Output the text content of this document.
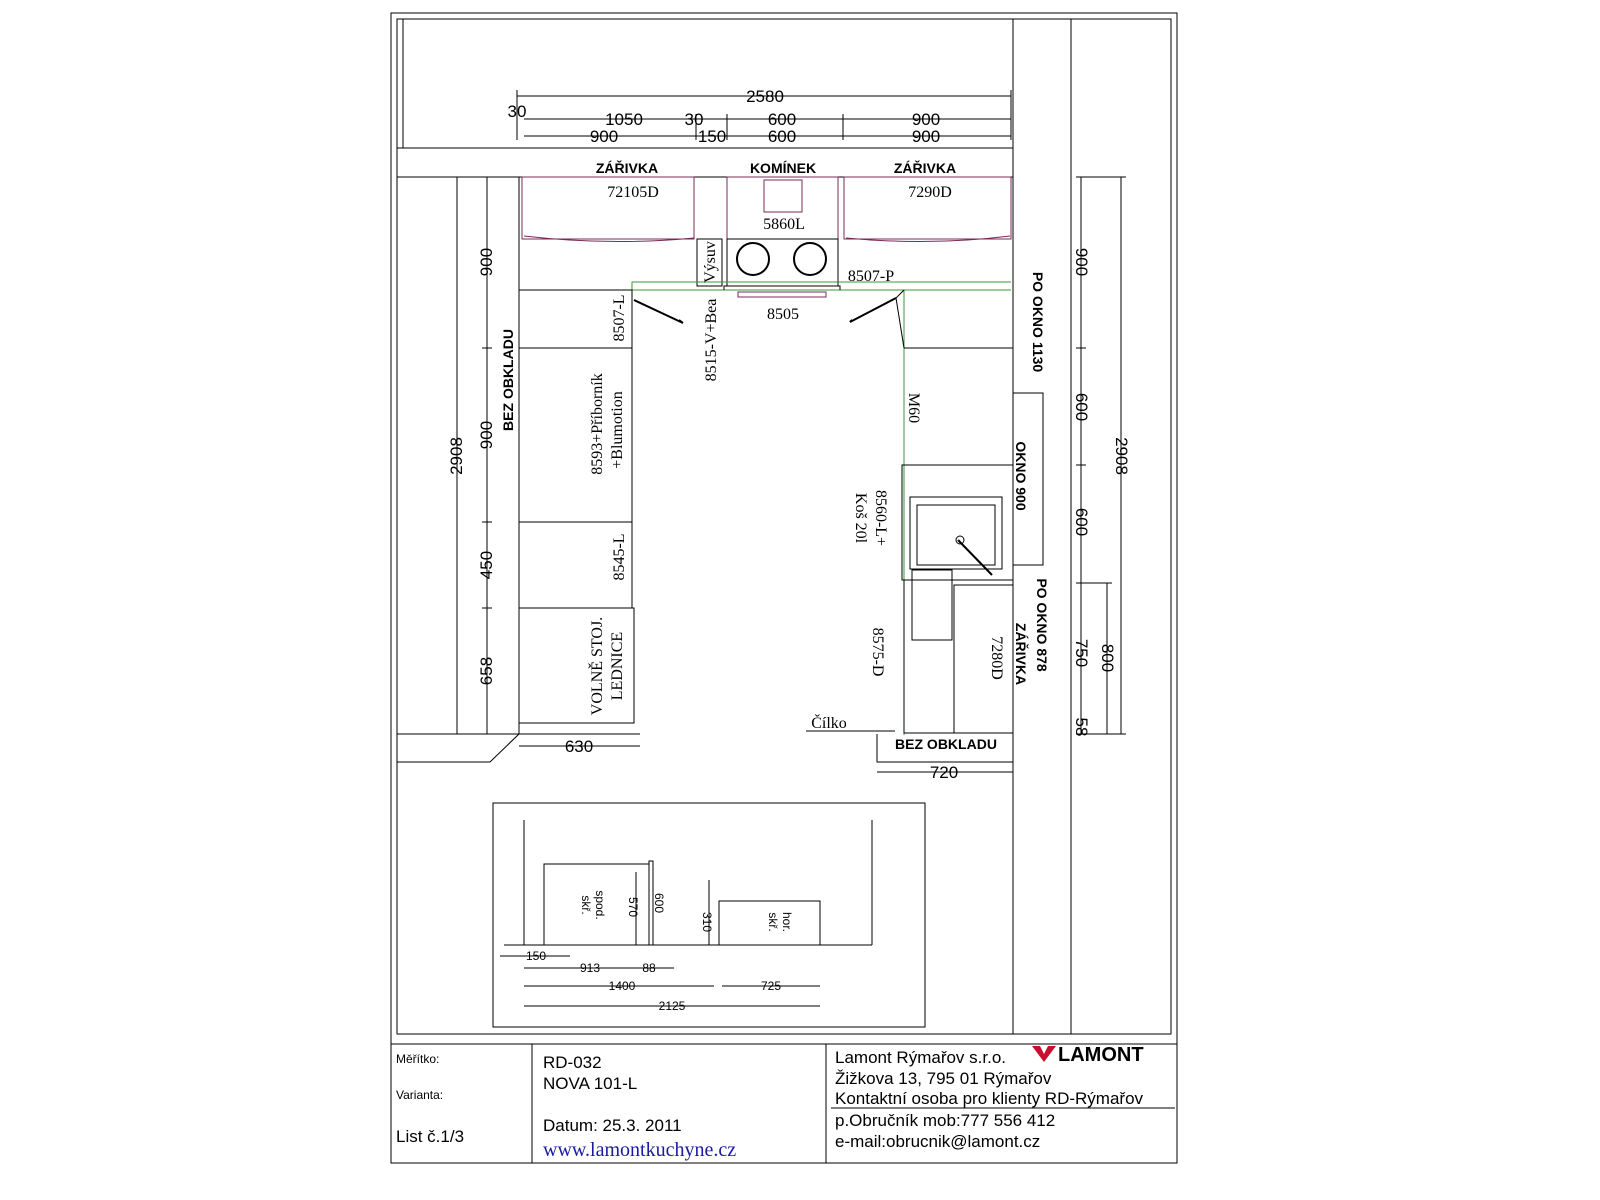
2580
30	1050 30	600	900
900	150 600	900
ZÁŘIVKA	KOMÍNEK	ZÁŘIVKA
72105D	7290D
5860L
8507-P
8505
8507-L
Výsuv
8515-V+Bea
BEZ OBKLADU	8593+Příborník +Blumotion	M60
8545-L
8560-L+
Koš 20l
VOLNĚ STOJ. LEDNICE	8575-D	7280D
Čílko
BEZ OBKLADU
PO OKNO 1130
OKNO 900
PO OKNO 878
ZÁŘIVKA
2908
900
900
450
658
900
600
600
750
58
800
2908
630
720
spod.
skř.	570 600
310	hor.
skř.
150
913	88
1400	725
2125
Měřítko:
Varianta:
List č.1/3
RD-032
NOVA 101-L
Datum: 25.3. 2011
www.lamontkuchyne.cz
Lamont Rýmařov s.r.o.	LAMONT
Žižkova 13, 795 01 Rýmařov
Kontaktní osoba pro klienty RD-Rýmařov
p.Obručník mob:777 556 412
e-mail:obrucnik@lamont.cz
